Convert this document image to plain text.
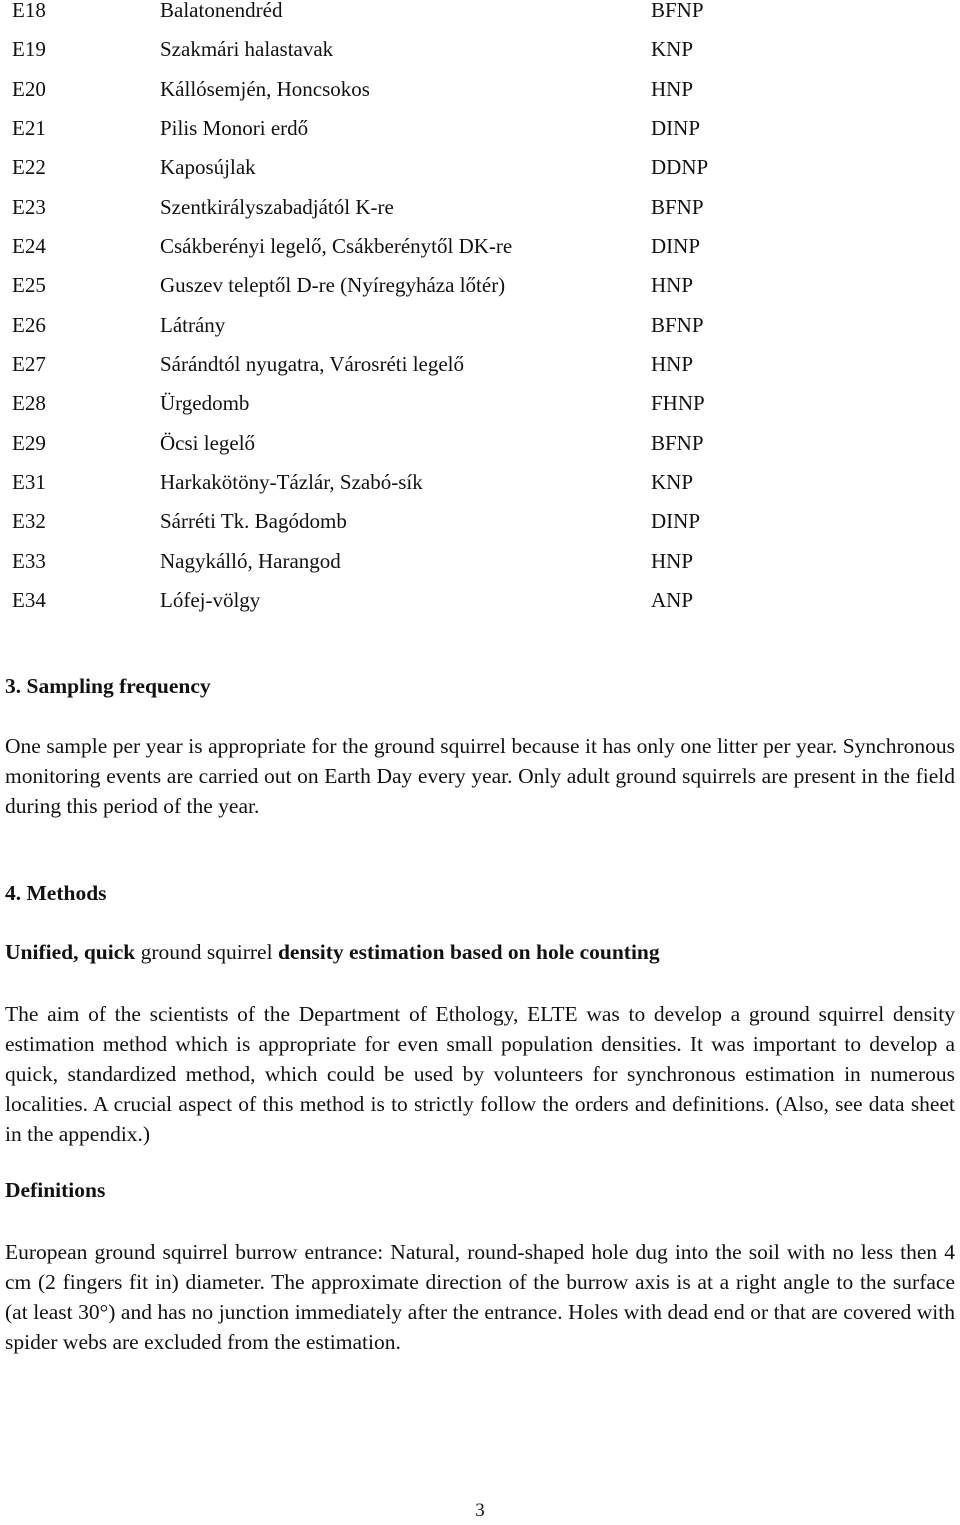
E18	Balatonendréd	BFNP
E19	Szakmári halastavak	KNP
E20	Kállósemjén, Honcsokos	HNP
E21	Pilis Monori erdő	DINP
E22	Kaposújlak	DDNP
E23	Szentkirályszabadjától K-re	BFNP
E24	Csákberényi legelő, Csákberénytől DK-re	DINP
E25	Guszev teleptől D-re (Nyíregyháza lőtér)	HNP
E26	Látrány	BFNP
E27	Sárándtól nyugatra, Városréti legelő	HNP
E28	Ürgedomb	FHNP
E29	Öcsi legelő	BFNP
E31	Harkakötöny-Tázlár, Szabó-sík	KNP
E32	Sárréti Tk. Bagódomb	DINP
E33	Nagykálló, Harangod	HNP
E34	Lófej-völgy	ANP
3. Sampling frequency

One sample per year is appropriate for the ground squirrel because it has only one litter per year. Synchronous monitoring events are carried out on Earth Day every year. Only adult ground squirrels are present in the field during this period of the year.

4. Methods
Unified, quick ground squirrel density estimation based on hole counting

The aim of the scientists of the Department of Ethology, ELTE was to develop a ground squirrel density estimation method which is appropriate for even small population densities. It was important to develop a quick, standardized method, which could be used by volunteers for synchronous estimation in numerous localities. A crucial aspect of this method is to strictly follow the orders and definitions. (Also, see data sheet in the appendix.)

Definitions

European ground squirrel burrow entrance: Natural, round-shaped hole dug into the soil with no less then 4 cm (2 fingers fit in) diameter. The approximate direction of the burrow axis is at a right angle to the surface (at least 30°) and has no junction immediately after the entrance. Holes with dead end or that are covered with spider webs are excluded from the estimation.

3
